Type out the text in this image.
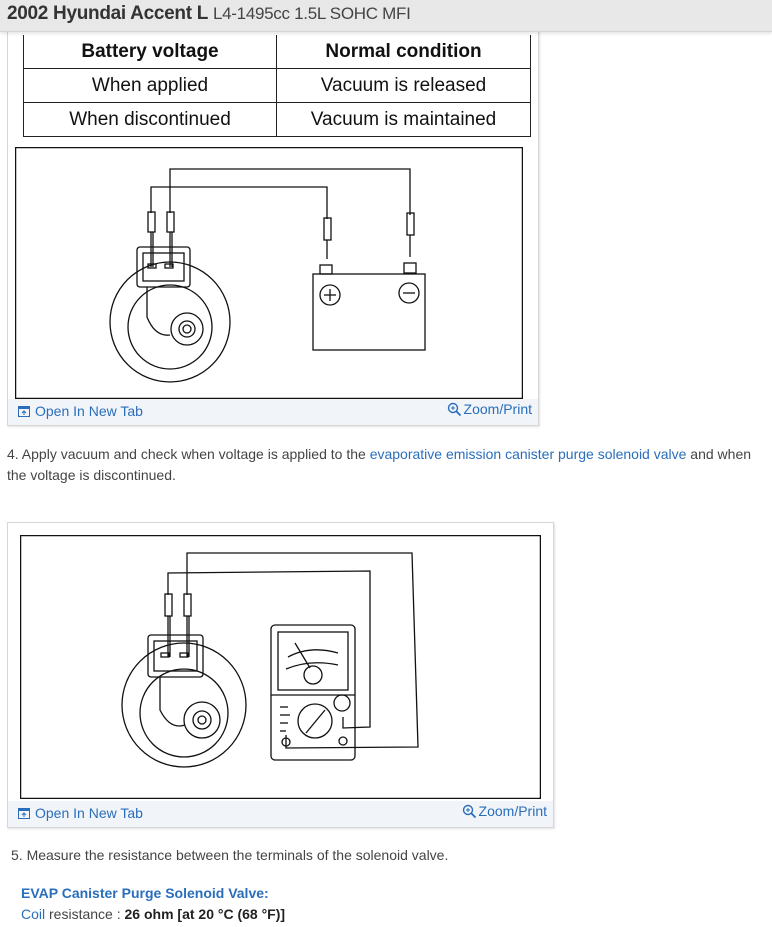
2002 Hyundai Accent L L4-1495cc 1.5L SOHC MFI
Battery voltage	Normal condition
When applied	Vacuum is released
When discontinued	Vacuum is maintained
Open In New Tab	Zoom/Print
4. Apply vacuum and check when voltage is applied to the evaporative emission canister purge solenoid valve and when the voltage is discontinued.
Open In New Tab	Zoom/Print
5. Measure the resistance between the terminals of the solenoid valve.
EVAP Canister Purge Solenoid Valve:
Coil resistance : 26 ohm [at 20 °C (68 °F)]
